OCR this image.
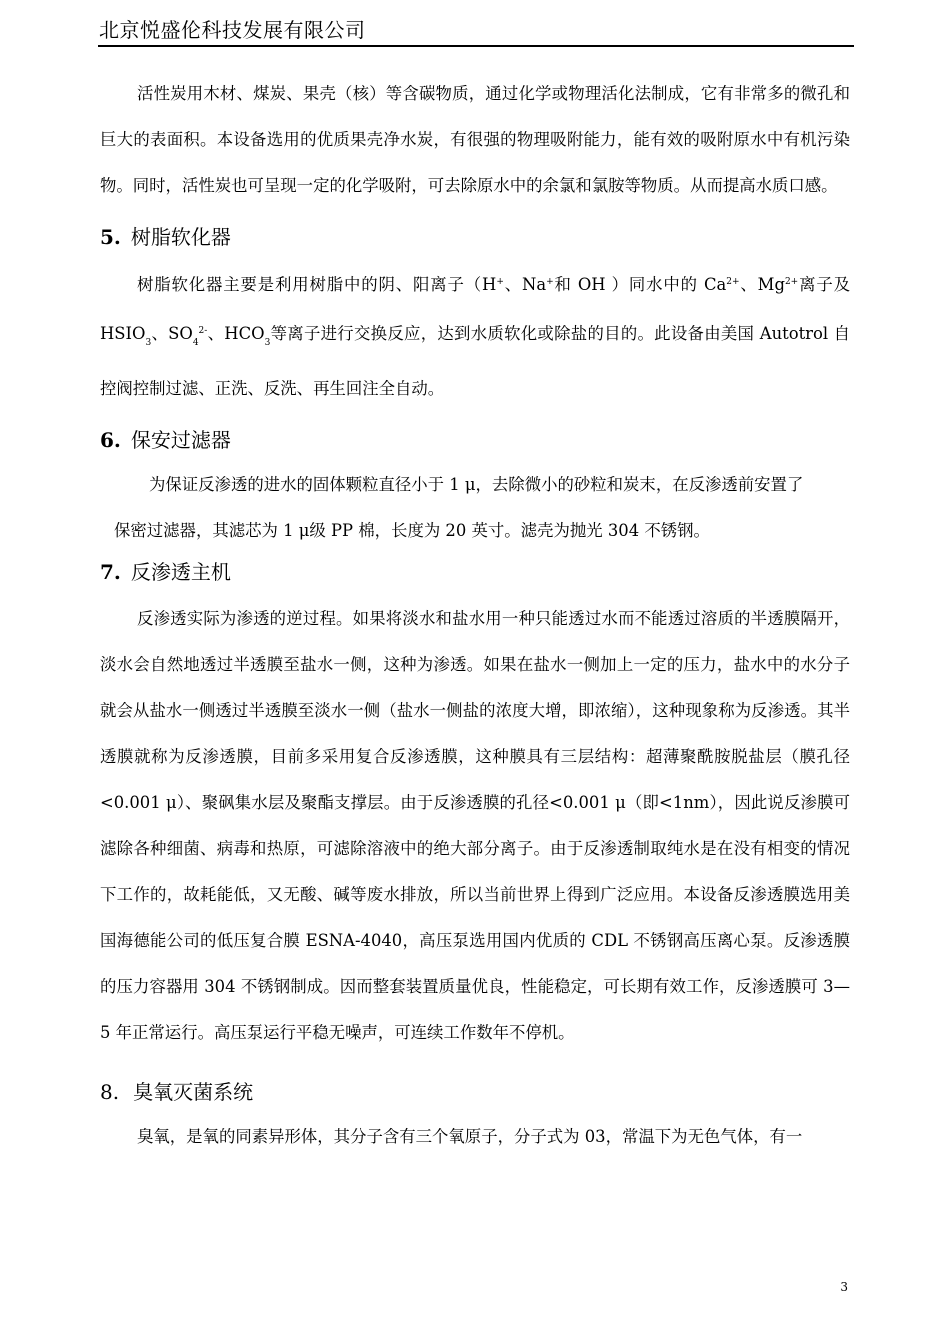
北京悦盛伦科技发展有限公司

活性炭用木材、煤炭、果壳（核）等含碳物质，通过化学或物理活化法制成，它有非常多的微孔和巨大的表面积。本设备选用的优质果壳净水炭，有很强的物理吸附能力，能有效的吸附原水中有机污染物。同时，活性炭也可呈现一定的化学吸附，可去除原水中的余氯和氯胺等物质。从而提高水质口感。

5. 树脂软化器

树脂软化器主要是利用树脂中的阴、阳离子（H+、Na+和 OH ）同水中的 $Ca^{2+}$、$Mg^{2+}$离子及 $HSIO_3$、$SO_4^{2-}$、$HCO_3$等离子进行交换反应，达到水质软化或除盐的目的。此设备由美国 Autotrol 自控阀控制过滤、正洗、反洗、再生回注全自动。

6. 保安过滤器

为保证反渗透的进水的固体颗粒直径小于 1 μ，去除微小的砂粒和炭末，在反渗透前安置了

保密过滤器，其滤芯为 1 μ级 PP 棉，长度为 20 英寸。滤壳为抛光 304 不锈钢。

7. 反渗透主机

反渗透实际为渗透的逆过程。如果将淡水和盐水用一种只能透过水而不能透过溶质的半透膜隔开，淡水会自然地透过半透膜至盐水一侧，这种为渗透。如果在盐水一侧加上一定的压力，盐水中的水分子就会从盐水一侧透过半透膜至淡水一侧（盐水一侧盐的浓度大增，即浓缩），这种现象称为反渗透。其半透膜就称为反渗透膜，目前多采用复合反渗透膜，这种膜具有三层结构：超薄聚酰胺脱盐层（膜孔径<0.001 μ）、聚砜集水层及聚酯支撑层。由于反渗透膜的孔径<0.001 μ（即<1nm），因此说反渗膜可滤除各种细菌、病毒和热原，可滤除溶液中的绝大部分离子。由于反渗透制取纯水是在没有相变的情况下工作的，故耗能低，又无酸、碱等废水排放，所以当前世界上得到广泛应用。本设备反渗透膜选用美国海德能公司的低压复合膜 ESNA-4040，高压泵选用国内优质的 CDL 不锈钢高压离心泵。反渗透膜的压力容器用 304 不锈钢制成。因而整套装置质量优良，性能稳定，可长期有效工作，反渗透膜可 3—5 年正常运行。高压泵运行平稳无噪声，可连续工作数年不停机。

8. 臭氧灭菌系统

臭氧，是氧的同素异形体，其分子含有三个氧原子，分子式为 03，常温下为无色气体，有一

3
